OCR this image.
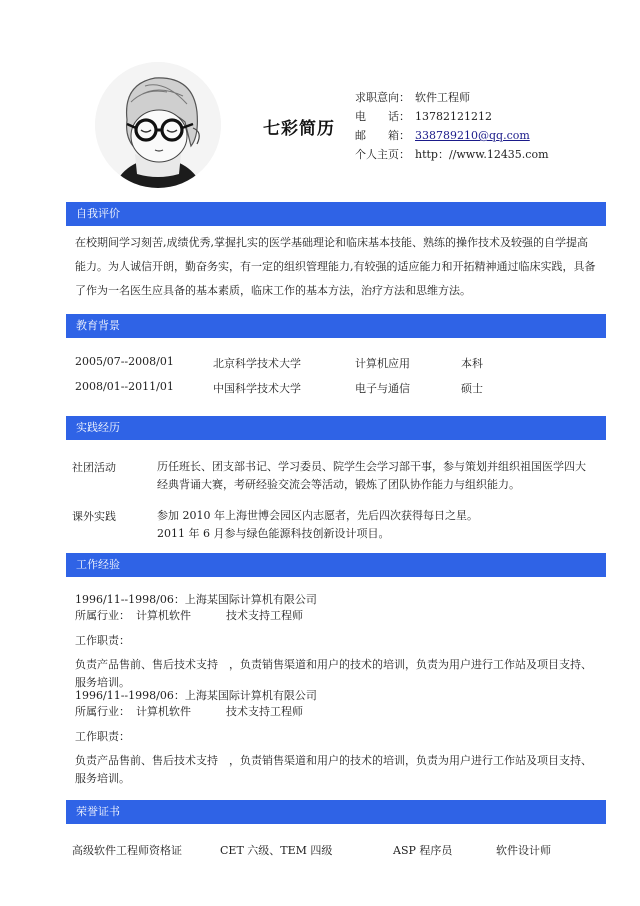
七彩简历
求职意向： 软件工程师
电　　话： 13782121212
邮　　箱： 338789210@qq.com
个人主页： http：//www.12435.com
自我评价
在校期间学习刻苦,成绩优秀,掌握扎实的医学基础理论和临床基本技能、熟练的操作技术及较强的自学提高
能力。为人诚信开朗，勤奋务实，有一定的组织管理能力,有较强的适应能力和开拓精神通过临床实践，具备
了作为一名医生应具备的基本素质，临床工作的基本方法，治疗方法和思维方法。
教育背景
2005/07--2008/01	北京科学技术大学	计算机应用	本科
2008/01--2011/01	中国科学技术大学	电子与通信	硕士
实践经历
社团活动	历任班长、团支部书记、学习委员、院学生会学习部干事，参与策划并组织祖国医学四大
经典背诵大赛，考研经验交流会等活动，锻炼了团队协作能力与组织能力。
课外实践	参加 2010 年上海世博会园区内志愿者，先后四次获得每日之星。
2011 年 6 月参与绿色能源科技创新设计项目。
工作经验
1996/11--1998/06：上海某国际计算机有限公司
所属行业： 计算机软件	技术支持工程师
工作职责：
负责产品售前、售后技术支持　，负责销售渠道和用户的技术的培训，负责为用户进行工作站及项目支持、
服务培训。
1996/11--1998/06：上海某国际计算机有限公司
所属行业： 计算机软件	技术支持工程师
工作职责：
负责产品售前、售后技术支持　，负责销售渠道和用户的技术的培训，负责为用户进行工作站及项目支持、
服务培训。
荣誉证书
高级软件工程师资格证	CET 六级、TEM 四级	ASP 程序员	软件设计师
